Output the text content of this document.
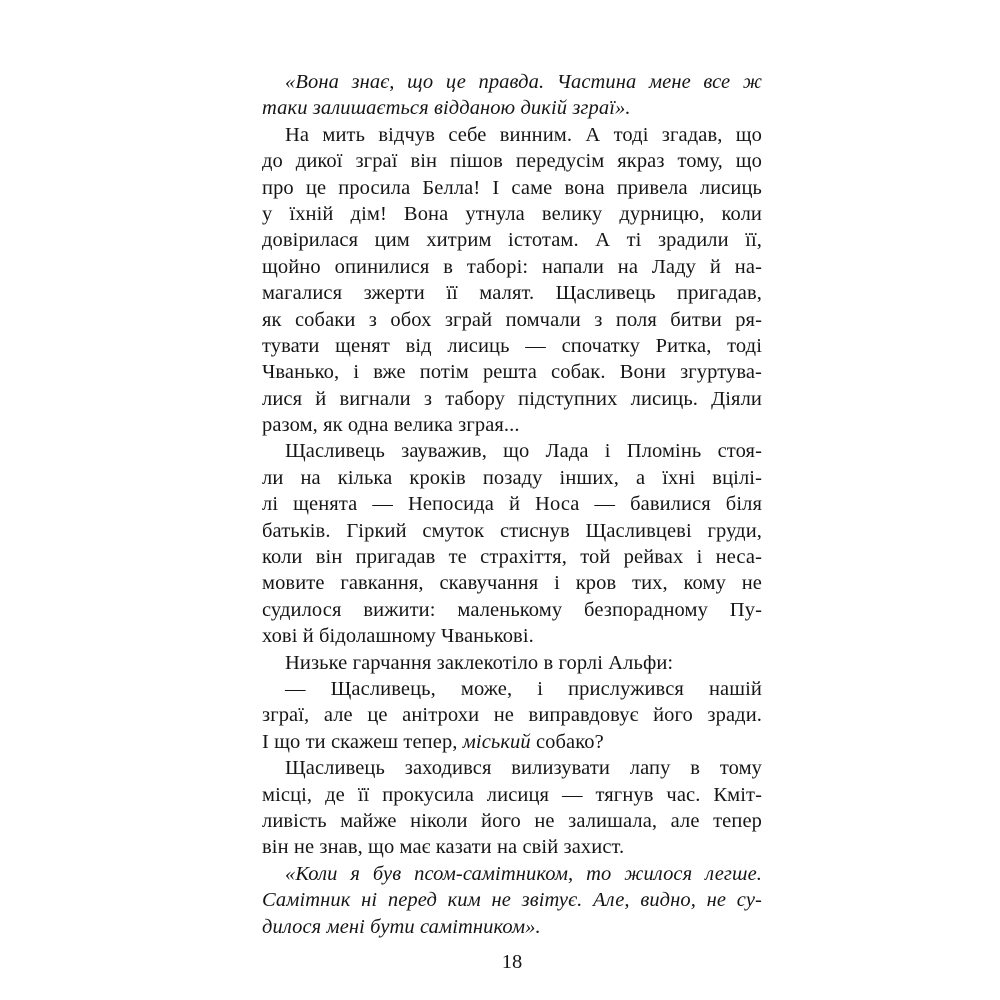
«Вона знає, що це правда. Частина мене все ж
таки залишається відданою дикій зграї».
На мить відчув себе винним. А тоді згадав, що
до дикої зграї він пішов передусім якраз тому, що
про це просила Белла! І саме вона привела лисиць
у їхній дім! Вона утнула велику дурницю, коли
довірилася цим хитрим істотам. А ті зрадили її,
щойно опинилися в таборі: напали на Ладу й на-
магалися зжерти її малят. Щасливець пригадав,
як собаки з обох зграй помчали з поля битви ря-
тувати щенят від лисиць — спочатку Ритка, тоді
Чванько, і вже потім решта собак. Вони згуртува-
лися й вигнали з табору підступних лисиць. Діяли
разом, як одна велика зграя...
Щасливець зауважив, що Лада і Пломінь стоя-
ли на кілька кроків позаду інших, а їхні вцілі-
лі щенята — Непосида й Носа — бавилися біля
батьків. Гіркий смуток стиснув Щасливцеві груди,
коли він пригадав те страхіття, той рейвах і неса-
мовите гавкання, скавучання і кров тих, кому не
судилося вижити: маленькому безпорадному Пу-
хові й бідолашному Чванькові.
Низьке гарчання заклекотіло в горлі Альфи:
— Щасливець, може, і прислужився нашій
зграї, але це анітрохи не виправдовує його зради.
І що ти скажеш тепер, міський собако?
Щасливець заходився вилизувати лапу в тому
місці, де її прокусила лисиця — тягнув час. Кміт-
ливість майже ніколи його не залишала, але тепер
він не знав, що має казати на свій захист.
«Коли я був псом-самітником, то жилося легше.
Самітник ні перед ким не звітує. Але, видно, не су-
дилося мені бути самітником».
18
